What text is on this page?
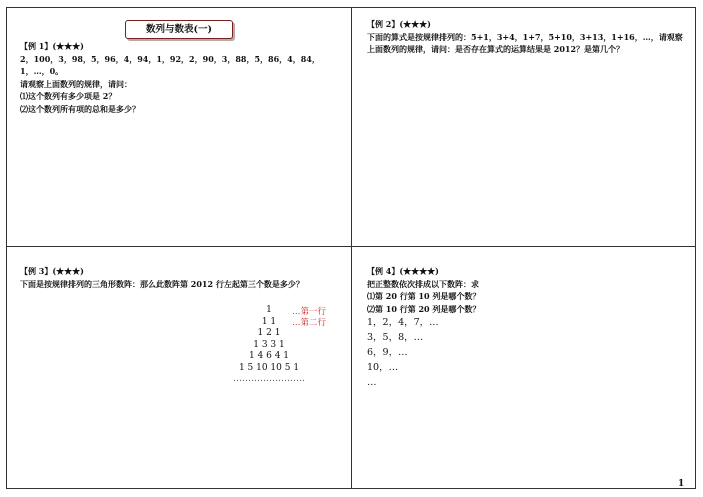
数列与数表(一)
【例 1】(★★★)
2，100，3，98，5，96，4，94，1，92，2，90，3，88，5，86，4，84，
1，…，0。
请观察上面数列的规律，请问：
⑴这个数列有多少项是 2？
⑵这个数列所有项的总和是多少？
【例 2】(★★★)
下面的算式是按规律排列的：5+1，3+4，1+7，5+10，3+13，1+16，…，请观察上面数列的规律，请问：是否存在算式的运算结果是 2012？是第几个？
【例 3】(★★★)
下面是按规律排列的三角形数阵：那么此数阵第 2012 行左起第三个数是多少？
1
1 1
1 2 1
1 3 3 1
1 4 6 4 1
1 5 10 10 5 1
……………………
…第一行
…第二行
【例 4】(★★★★)
把正整数依次排成以下数阵：求
⑴第 20 行第 10 列是哪个数？
⑵第 10 行第 20 列是哪个数？
1，2，4，7，…
3，5，8，…
6，9，…
10，…
…
1
